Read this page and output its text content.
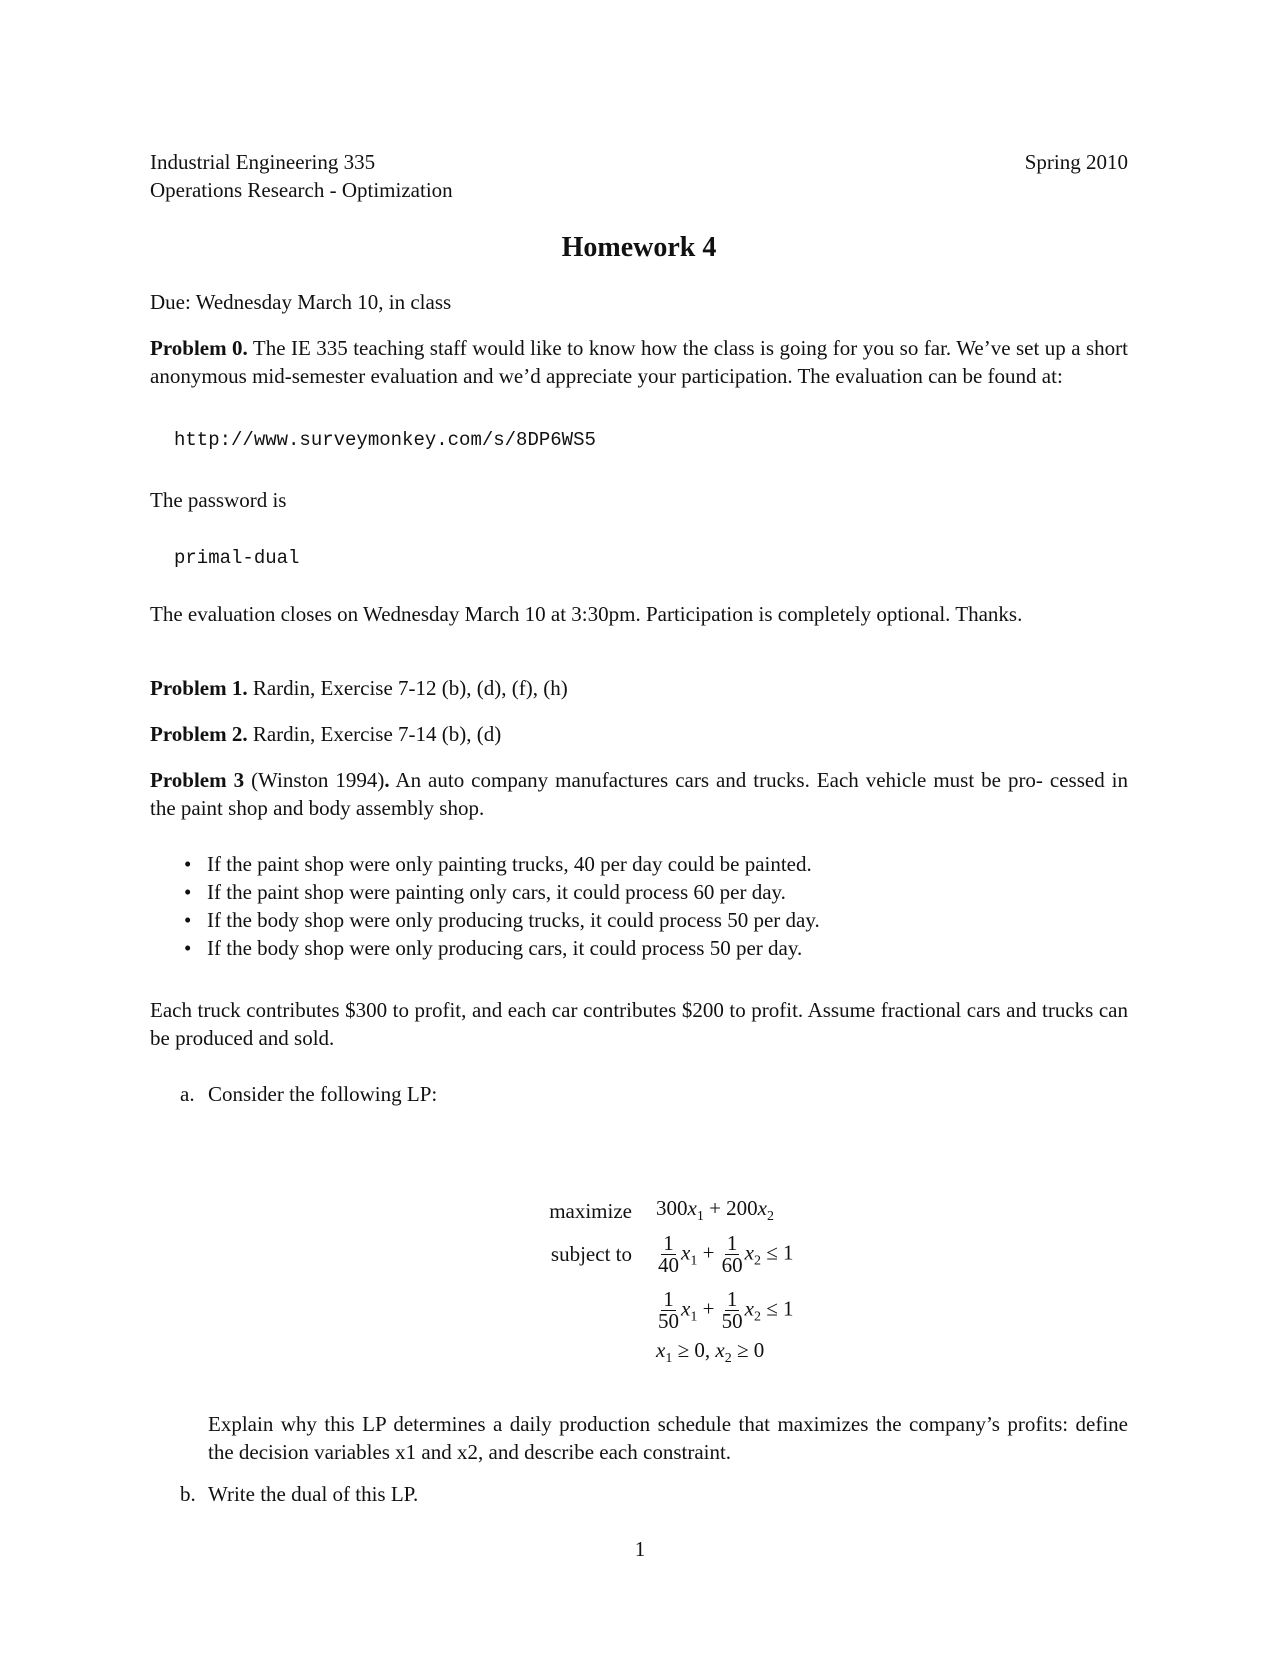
Industrial Engineering 335
Operations Research - Optimization
Spring 2010
Homework 4

Due: Wednesday March 10, in class

Problem 0. The IE 335 teaching staff would like to know how the class is going for you so far. We’ve set up a short anonymous mid-semester evaluation and we’d appreciate your participation. The evaluation can be found at:

http://www.surveymonkey.com/s/8DP6WS5

The password is

primal-dual

The evaluation closes on Wednesday March 10 at 3:30pm. Participation is completely optional. Thanks.

Problem 1. Rardin, Exercise 7-12 (b), (d), (f), (h)

Problem 2. Rardin, Exercise 7-14 (b), (d)

Problem 3 (Winston 1994). An auto company manufactures cars and trucks. Each vehicle must be pro- cessed in the paint shop and body assembly shop.

• If the paint shop were only painting trucks, 40 per day could be painted.
• If the paint shop were painting only cars, it could process 60 per day.
• If the body shop were only producing trucks, it could process 50 per day.
• If the body shop were only producing cars, it could process 50 per day.

Each truck contributes $300 to profit, and each car contributes $200 to profit. Assume fractional cars and trucks can be produced and sold.

a. Consider the following LP:
maximize	$300x_1 + 200x_2$
subject to	$\frac{1}{40} x_1 + \frac{1}{60} x_2 \le 1$
$\frac{1}{50} x_1 + \frac{1}{50} x_2 \le 1$
$x_1 \ge 0$, $x_2 \ge 0$

Explain why this LP determines a daily production schedule that maximizes the company’s profits: define the decision variables x1 and x2, and describe each constraint.

b. Write the dual of this LP.
1
